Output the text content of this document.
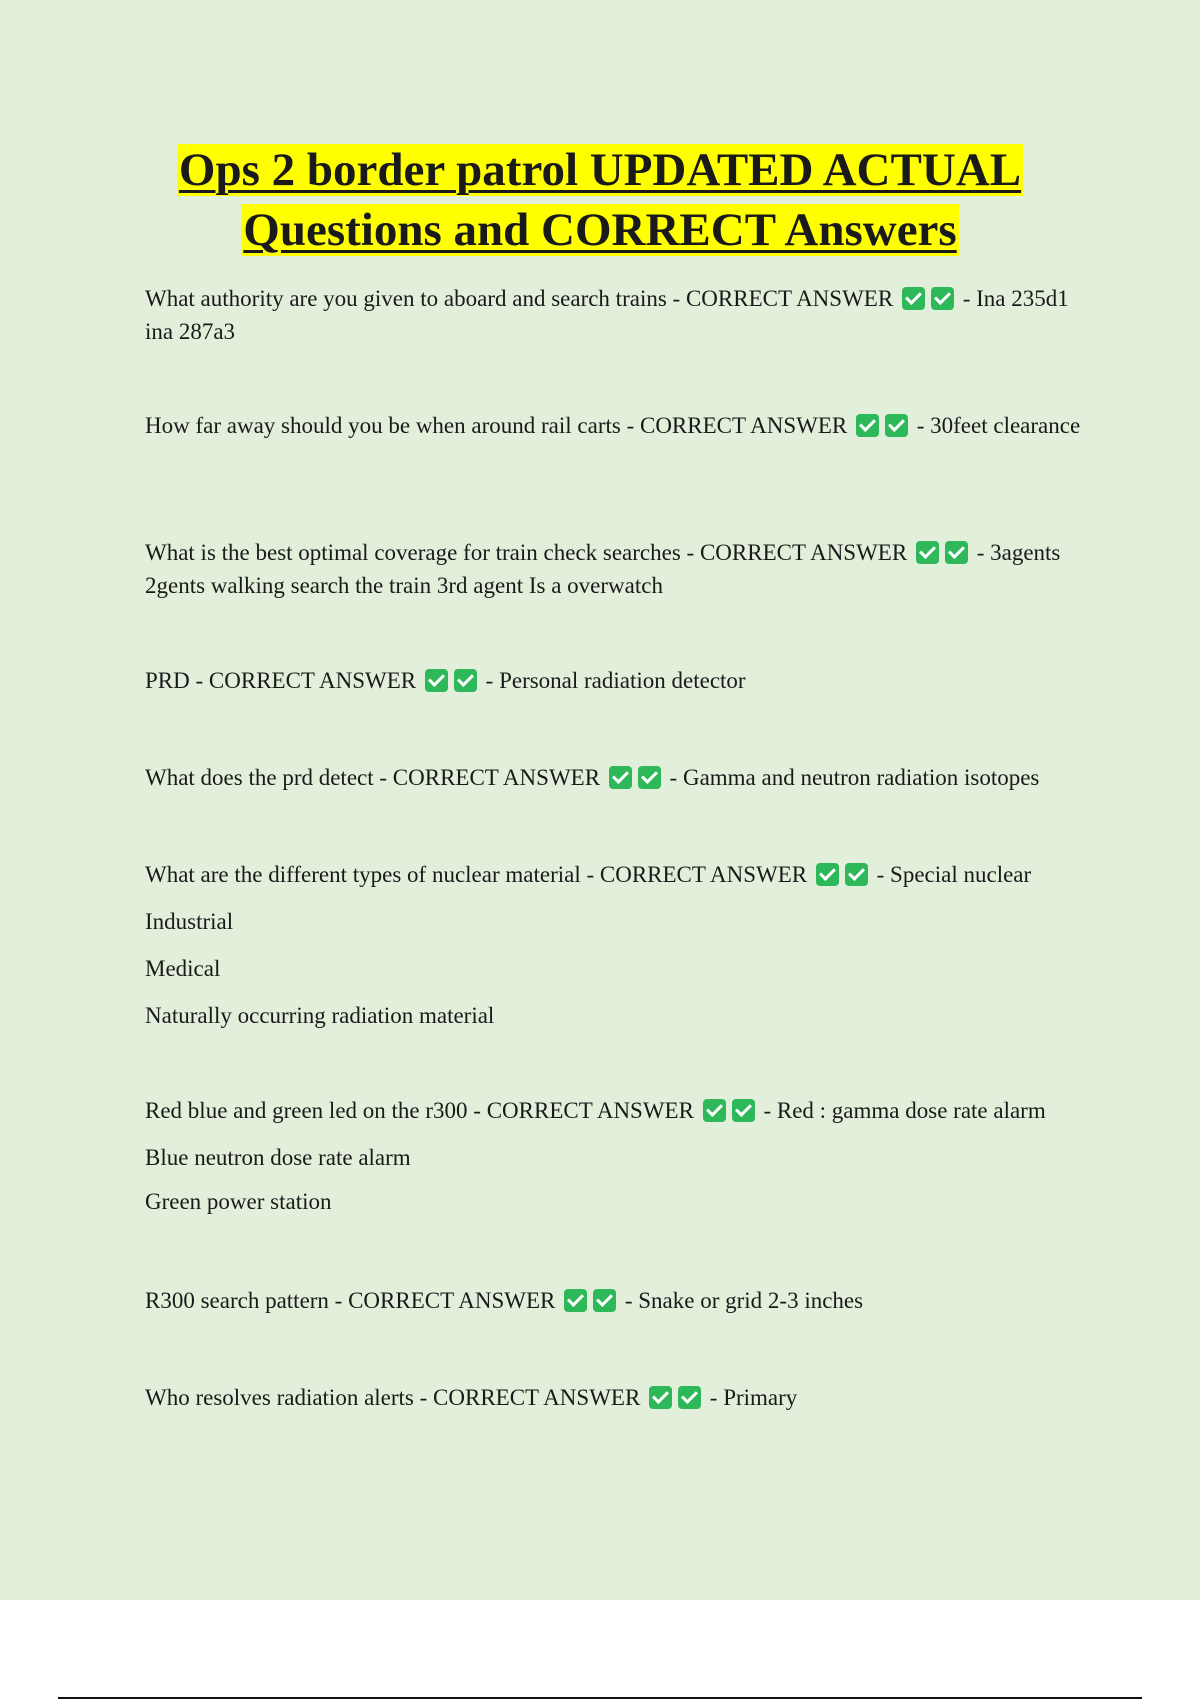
Ops 2 border patrol UPDATED ACTUAL
Questions and CORRECT Answers
What authority are you given to aboard and search trains - CORRECT ANSWER	- Ina 235d1 ina 287a3
How far away should you be when around rail carts - CORRECT ANSWER	- 30feet clearance
What is the best optimal coverage for train check searches - CORRECT ANSWER	- 3agents 2gents walking search the train 3rd agent Is a overwatch
PRD - CORRECT ANSWER	- Personal radiation detector
What does the prd detect - CORRECT ANSWER	- Gamma and neutron radiation isotopes
What are the different types of nuclear material - CORRECT ANSWER	- Special nuclear
Industrial
Medical
Naturally occurring radiation material
Red blue and green led on the r300 - CORRECT ANSWER	- Red : gamma dose rate alarm
Blue neutron dose rate alarm
Green power station
R300 search pattern - CORRECT ANSWER	- Snake or grid 2-3 inches
Who resolves radiation alerts - CORRECT ANSWER	- Primary
